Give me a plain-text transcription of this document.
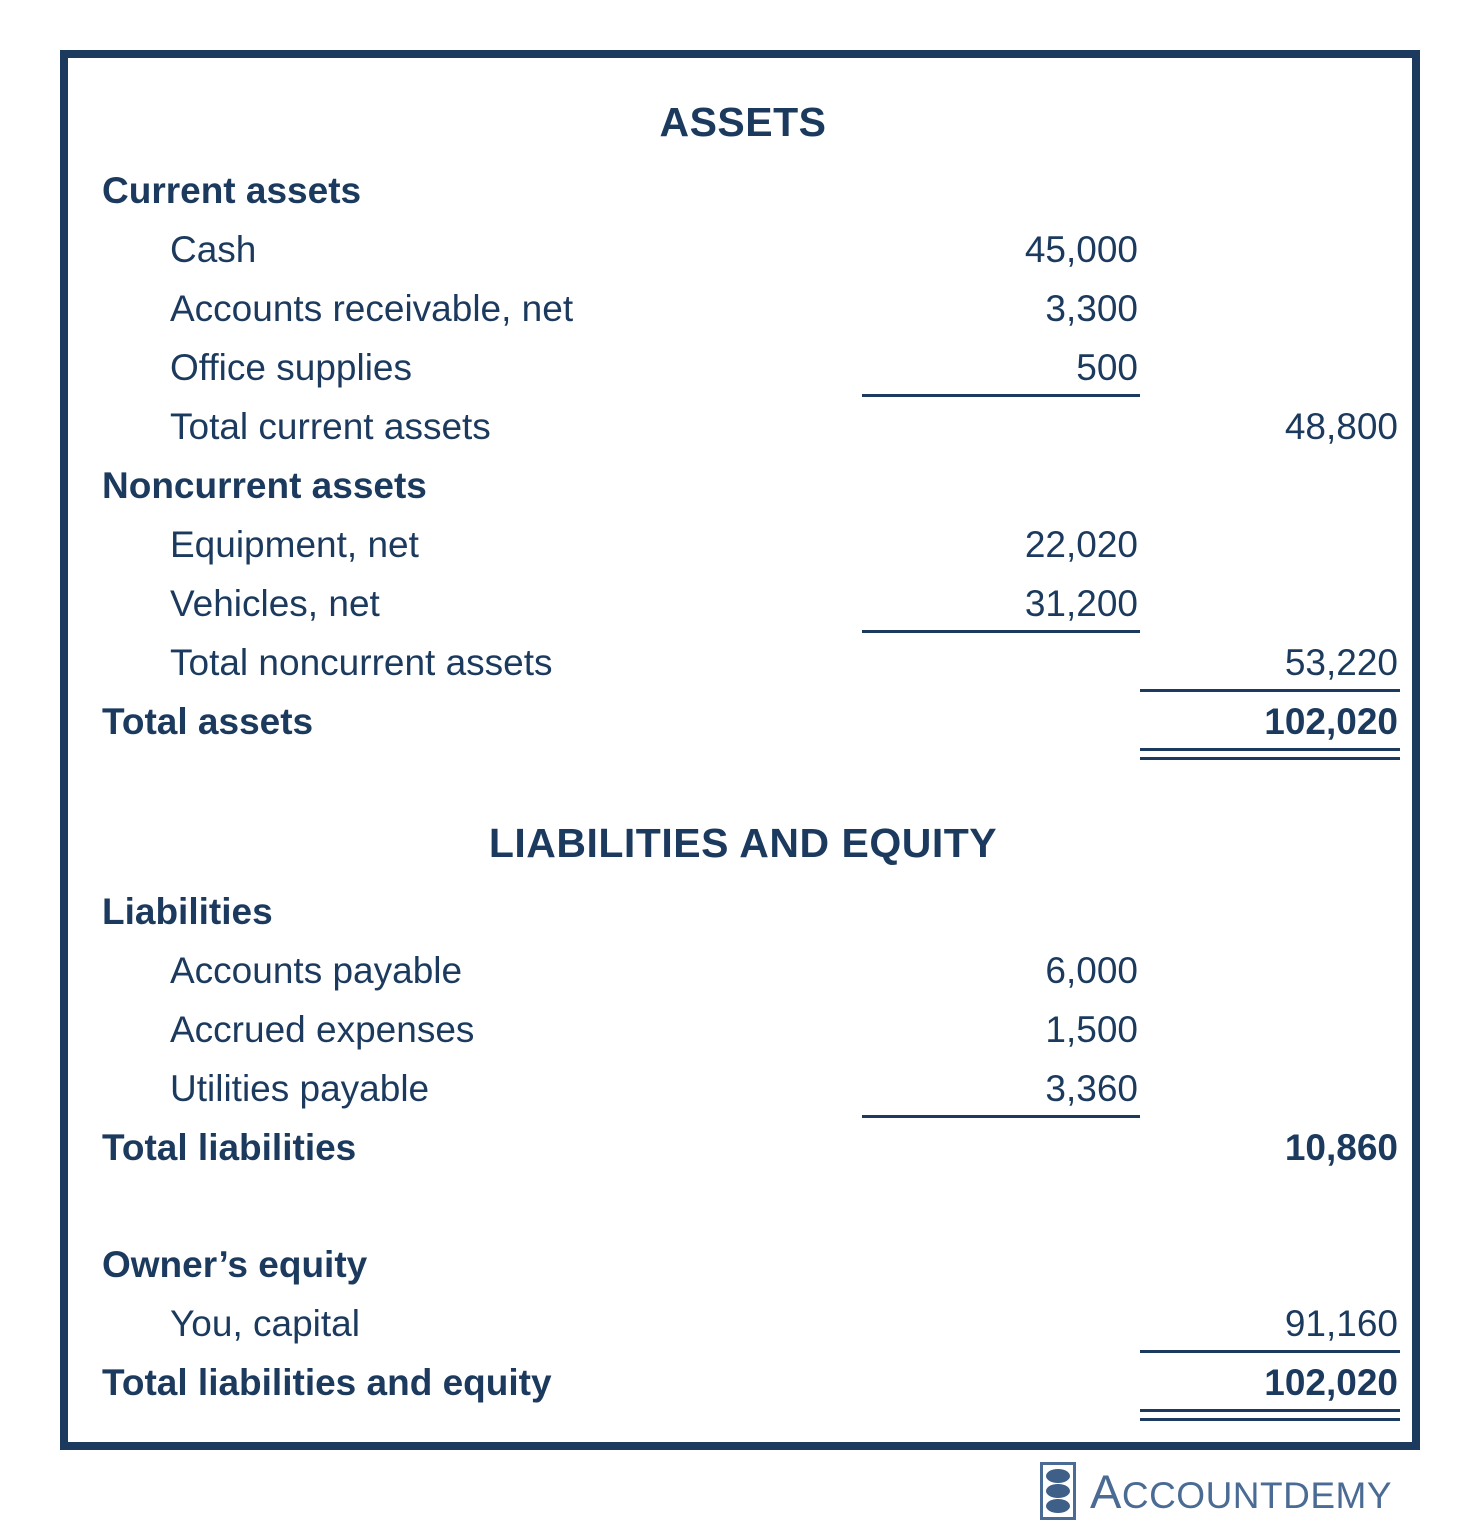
ASSETS
Current assets		
Cash	45,000	
Accounts receivable, net	3,300	
Office supplies	500	
Total current assets		48,800
Noncurrent assets		
Equipment, net	22,020	
Vehicles, net	31,200	
Total noncurrent assets		53,220
Total assets		102,020
LIABILITIES AND EQUITY
Liabilities		
Accounts payable	6,000	
Accrued expenses	1,500	
Utilities payable	3,360	
Total liabilities		10,860

Owner’s equity		
You, capital		91,160
Total liabilities and equity		102,020
ACCOUNTDEMY
